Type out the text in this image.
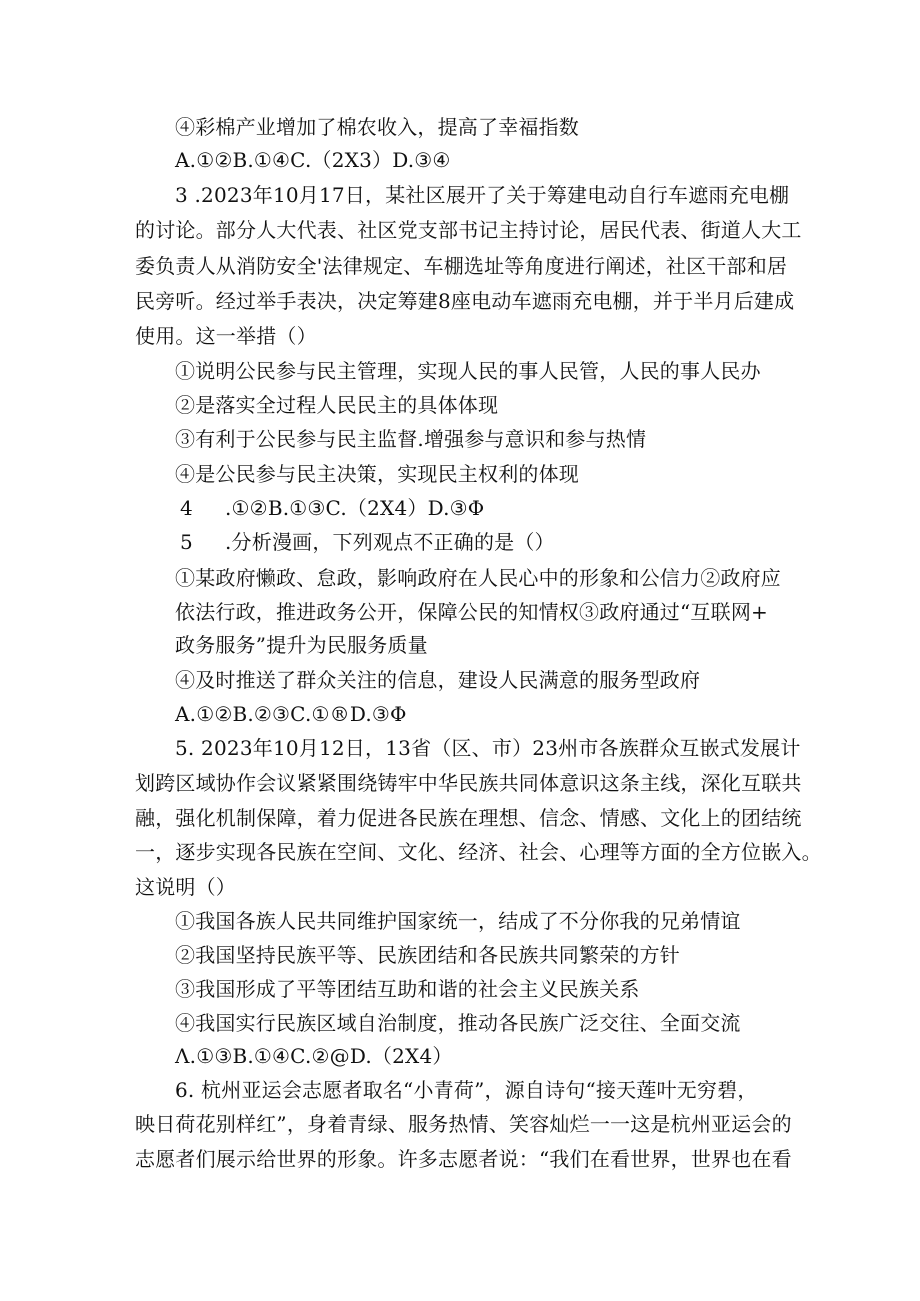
④彩棉产业增加了棉农收入，提高了幸福指数
A.①②B.①④C.（2X3）D.③④
3 .2023年10月17日，某社区展开了关于筹建电动自行车遮雨充电棚
的讨论。部分人大代表、社区党支部书记主持讨论，居民代表、街道人大工
委负责人从消防安全'法律规定、车棚选址等角度进行阐述，社区干部和居
民旁听。经过举手表决，决定筹建8座电动车遮雨充电棚，并于半月后建成
使用。这一举措（）
①说明公民参与民主管理，实现人民的事人民管，人民的事人民办
②是落实全过程人民民主的具体体现
③有利于公民参与民主监督.增强参与意识和参与热情
④是公民参与民主决策，实现民主权利的体现
4 .①②B.①③C.（2X4）D.③Φ
5 .分析漫画，下列观点不正确的是（）
①某政府懒政、怠政，影响政府在人民心中的形象和公信力②政府应
依法行政，推进政务公开，保障公民的知情权③政府通过“互联网+
政务服务”提升为民服务质量
④及时推送了群众关注的信息，建设人民满意的服务型政府
A.①②B.②③C.①®D.③Φ
5. 2023年10月12日，13省（区、市）23州市各族群众互嵌式发展计
划跨区域协作会议紧紧围绕铸牢中华民族共同体意识这条主线，深化互联共
融，强化机制保障，着力促进各民族在理想、信念、情感、文化上的团结统
一，逐步实现各民族在空间、文化、经济、社会、心理等方面的全方位嵌入。
这说明（）
①我国各族人民共同维护国家统一，结成了不分你我的兄弟情谊
②我国坚持民族平等、民族团结和各民族共同繁荣的方针
③我国形成了平等团结互助和谐的社会主义民族关系
④我国实行民族区域自治制度，推动各民族广泛交往、全面交流
Λ.①③B.①④C.②@D.（2X4）
6. 杭州亚运会志愿者取名“小青荷”，源自诗句“接天莲叶无穷碧，
映日荷花别样红”，身着青绿、服务热情、笑容灿烂一一这是杭州亚运会的
志愿者们展示给世界的形象。许多志愿者说：“我们在看世界，世界也在看
